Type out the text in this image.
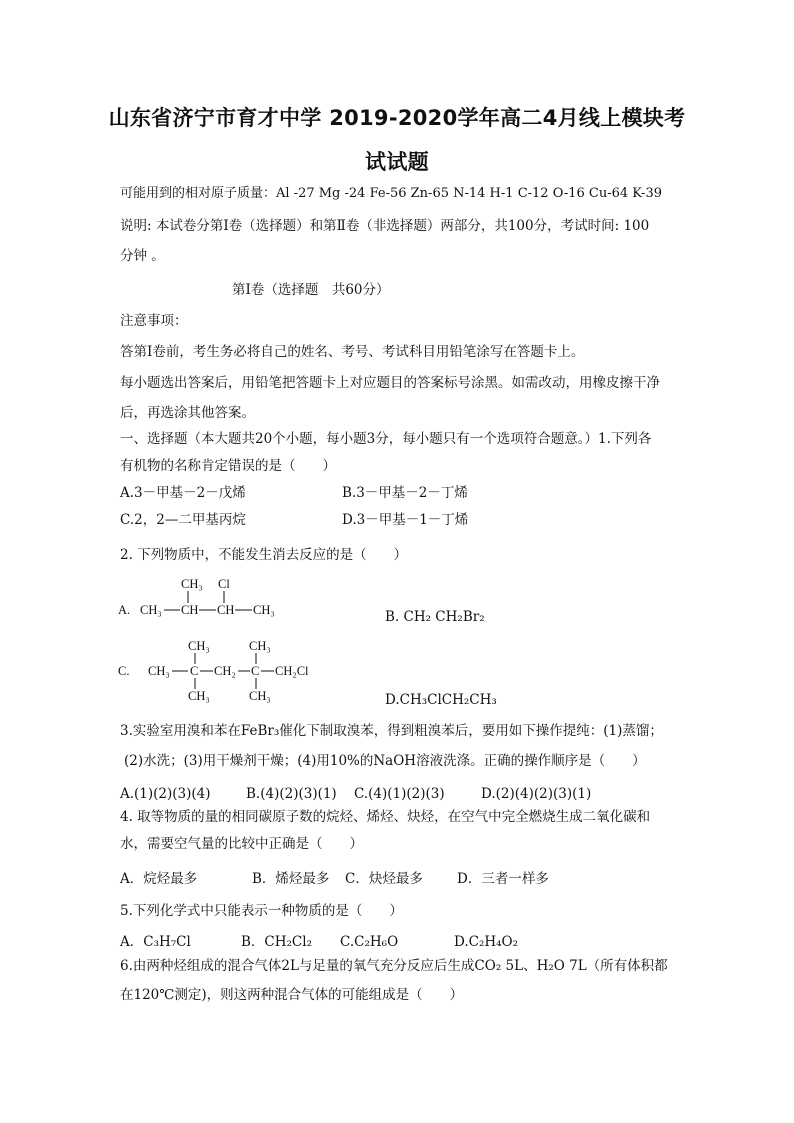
山东省济宁市育才中学 2019-2020学年高二4月线上模块考
试试题
可能用到的相对原子质量：Al -27 Mg -24 Fe-56 Zn-65 N-14 H-1 C-12 O-16 Cu-64 K-39
说明: 本试卷分第Ⅰ卷（选择题）和第Ⅱ卷（非选择题）两部分，共100分，考试时间: 100
分钟 。
第Ⅰ卷（选择题　共60分）
注意事项：
答第Ⅰ卷前，考生务必将自己的姓名、考号、考试科目用铅笔涂写在答题卡上。
每小题选出答案后，用铅笔把答题卡上对应题目的答案标号涂黑。如需改动，用橡皮擦干净
后，再选涂其他答案。
一、选择题（本大题共20个小题，每小题3分，每小题只有一个选项符合题意。）1.下列各
有机物的名称肯定错误的是（　　）
A.3－甲基－2－戊烯	B.3－甲基－2－丁烯
C.2，2—二甲基丙烷	D.3－甲基－1－丁烯
2. 下列物质中，不能发生消去反应的是（　　）
A.
CH₃ Cl
CH₃ CH CH CH₃	B. CH₂ CH₂Br₂
C.
CH₃	CH₃
CH₃ C CH₂ C CH₂Cl
CH₃	CH₃	D.CH₃ClCH₂CH₃
3.实验室用溴和苯在FeBr₃催化下制取溴苯，得到粗溴苯后，要用如下操作提纯：(1)蒸馏；
(2)水洗；(3)用干燥剂干燥；(4)用10%的NaOH溶液洗涤。正确的操作顺序是（　　）
A.(1)(2)(3)(4)	B.(4)(2)(3)(1) C.(4)(1)(2)(3)	D.(2)(4)(2)(3)(1)
4. 取等物质的量的相同碳原子数的烷烃、烯烃、炔烃，在空气中完全燃烧生成二氧化碳和
水，需要空气量的比较中正确是（　　）
A．烷烃最多	B．烯烃最多 C．炔烃最多	D．三者一样多
5.下列化学式中只能表示一种物质的是（　　）
A．C₃H₇Cl	B．CH₂Cl₂ C.C₂H₆O	D.C₂H₄O₂
6.由两种烃组成的混合气体2L与足量的氧气充分反应后生成CO₂ 5L、H₂O 7L（所有体积都
在120℃测定)，则这两种混合气体的可能组成是（　　）
